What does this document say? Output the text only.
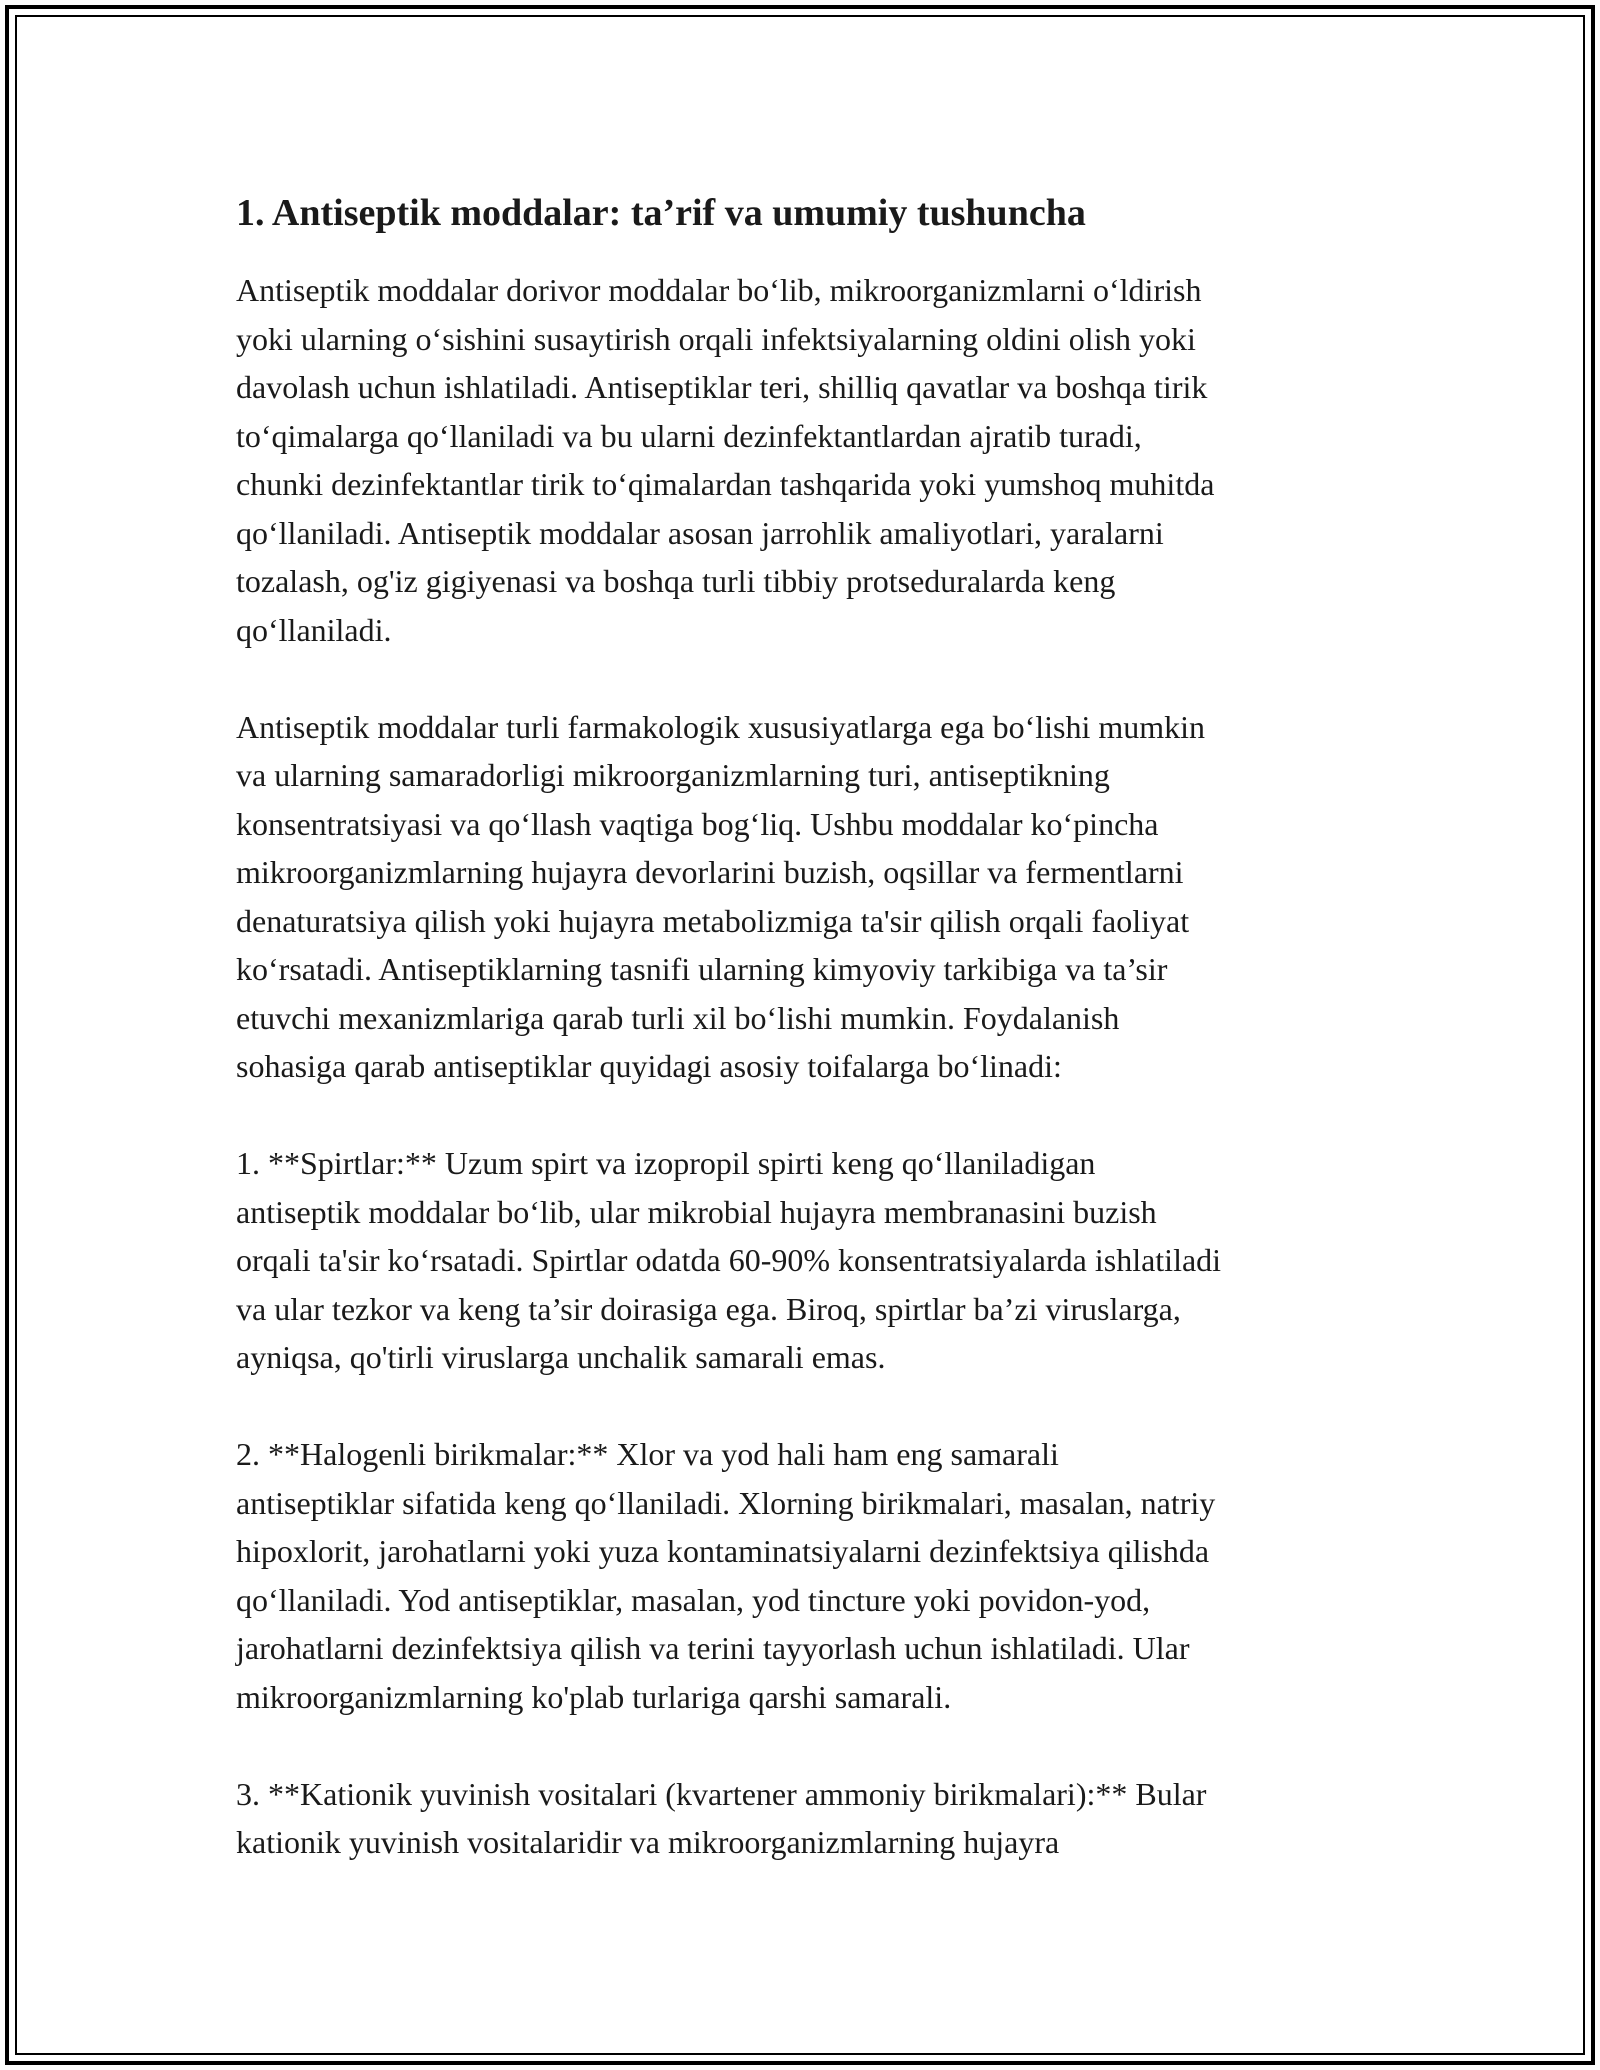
1. Antiseptik moddalar: ta’rif va umumiy tushuncha

Antiseptik moddalar dorivor moddalar bo‘lib, mikroorganizmlarni o‘ldirish
yoki ularning o‘sishini susaytirish orqali infektsiyalarning oldini olish yoki
davolash uchun ishlatiladi. Antiseptiklar teri, shilliq qavatlar va boshqa tirik
to‘qimalarga qo‘llaniladi va bu ularni dezinfektantlardan ajratib turadi,
chunki dezinfektantlar tirik to‘qimalardan tashqarida yoki yumshoq muhitda
qo‘llaniladi. Antiseptik moddalar asosan jarrohlik amaliyotlari, yaralarni
tozalash, og'iz gigiyenasi va boshqa turli tibbiy protseduralarda keng
qo‘llaniladi.

Antiseptik moddalar turli farmakologik xususiyatlarga ega bo‘lishi mumkin
va ularning samaradorligi mikroorganizmlarning turi, antiseptikning
konsentratsiyasi va qo‘llash vaqtiga bog‘liq. Ushbu moddalar ko‘pincha
mikroorganizmlarning hujayra devorlarini buzish, oqsillar va fermentlarni
denaturatsiya qilish yoki hujayra metabolizmiga ta'sir qilish orqali faoliyat
ko‘rsatadi. Antiseptiklarning tasnifi ularning kimyoviy tarkibiga va ta’sir
etuvchi mexanizmlariga qarab turli xil bo‘lishi mumkin. Foydalanish
sohasiga qarab antiseptiklar quyidagi asosiy toifalarga bo‘linadi:

1. **Spirtlar:** Uzum spirt va izopropil spirti keng qo‘llaniladigan
antiseptik moddalar bo‘lib, ular mikrobial hujayra membranasini buzish
orqali ta'sir ko‘rsatadi. Spirtlar odatda 60-90% konsentratsiyalarda ishlatiladi
va ular tezkor va keng ta’sir doirasiga ega. Biroq, spirtlar ba’zi viruslarga,
ayniqsa, qo'tirli viruslarga unchalik samarali emas.

2. **Halogenli birikmalar:** Xlor va yod hali ham eng samarali
antiseptiklar sifatida keng qo‘llaniladi. Xlorning birikmalari, masalan, natriy
hipoxlorit, jarohatlarni yoki yuza kontaminatsiyalarni dezinfektsiya qilishda
qo‘llaniladi. Yod antiseptiklar, masalan, yod tincture yoki povidon-yod,
jarohatlarni dezinfektsiya qilish va terini tayyorlash uchun ishlatiladi. Ular
mikroorganizmlarning ko'plab turlariga qarshi samarali.

3. **Kationik yuvinish vositalari (kvartener ammoniy birikmalari):** Bular
kationik yuvinish vositalaridir va mikroorganizmlarning hujayra
